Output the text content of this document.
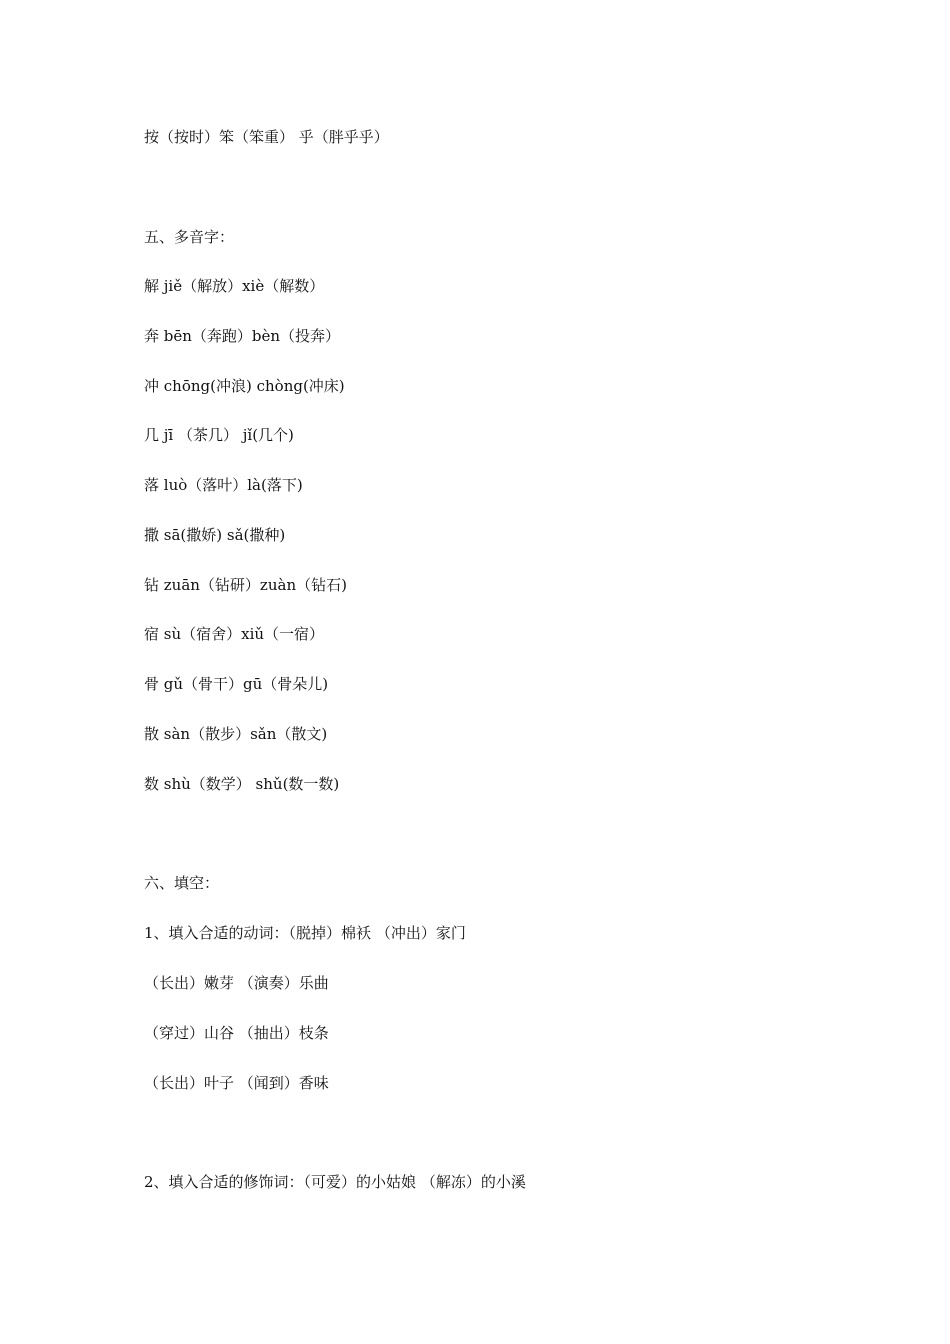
按（按时）笨（笨重） 乎（胖乎乎）

五、多音字：

解 jiě（解放）xiè（解数）

奔 bēn（奔跑）bèn（投奔）

冲 chōng(冲浪) chòng(冲床)

几 jī （茶几） jǐ(几个)

落 luò（落叶）là(落下)

撒 sā(撒娇) sǎ(撒种)

钻 zuān（钻研）zuàn（钻石)

宿 sù（宿舍）xiǔ（一宿）

骨 gǔ（骨干）gū（骨朵儿)

散 sàn（散步）sǎn（散文)

数 shù（数学） shǔ(数一数)

六、填空：

1、填入合适的动词：（脱掉）棉袄 （冲出）家门

（长出）嫩芽 （演奏）乐曲

（穿过）山谷 （抽出）枝条

（长出）叶子 （闻到）香味

2、填入合适的修饰词：（可爱）的小姑娘 （解冻）的小溪
